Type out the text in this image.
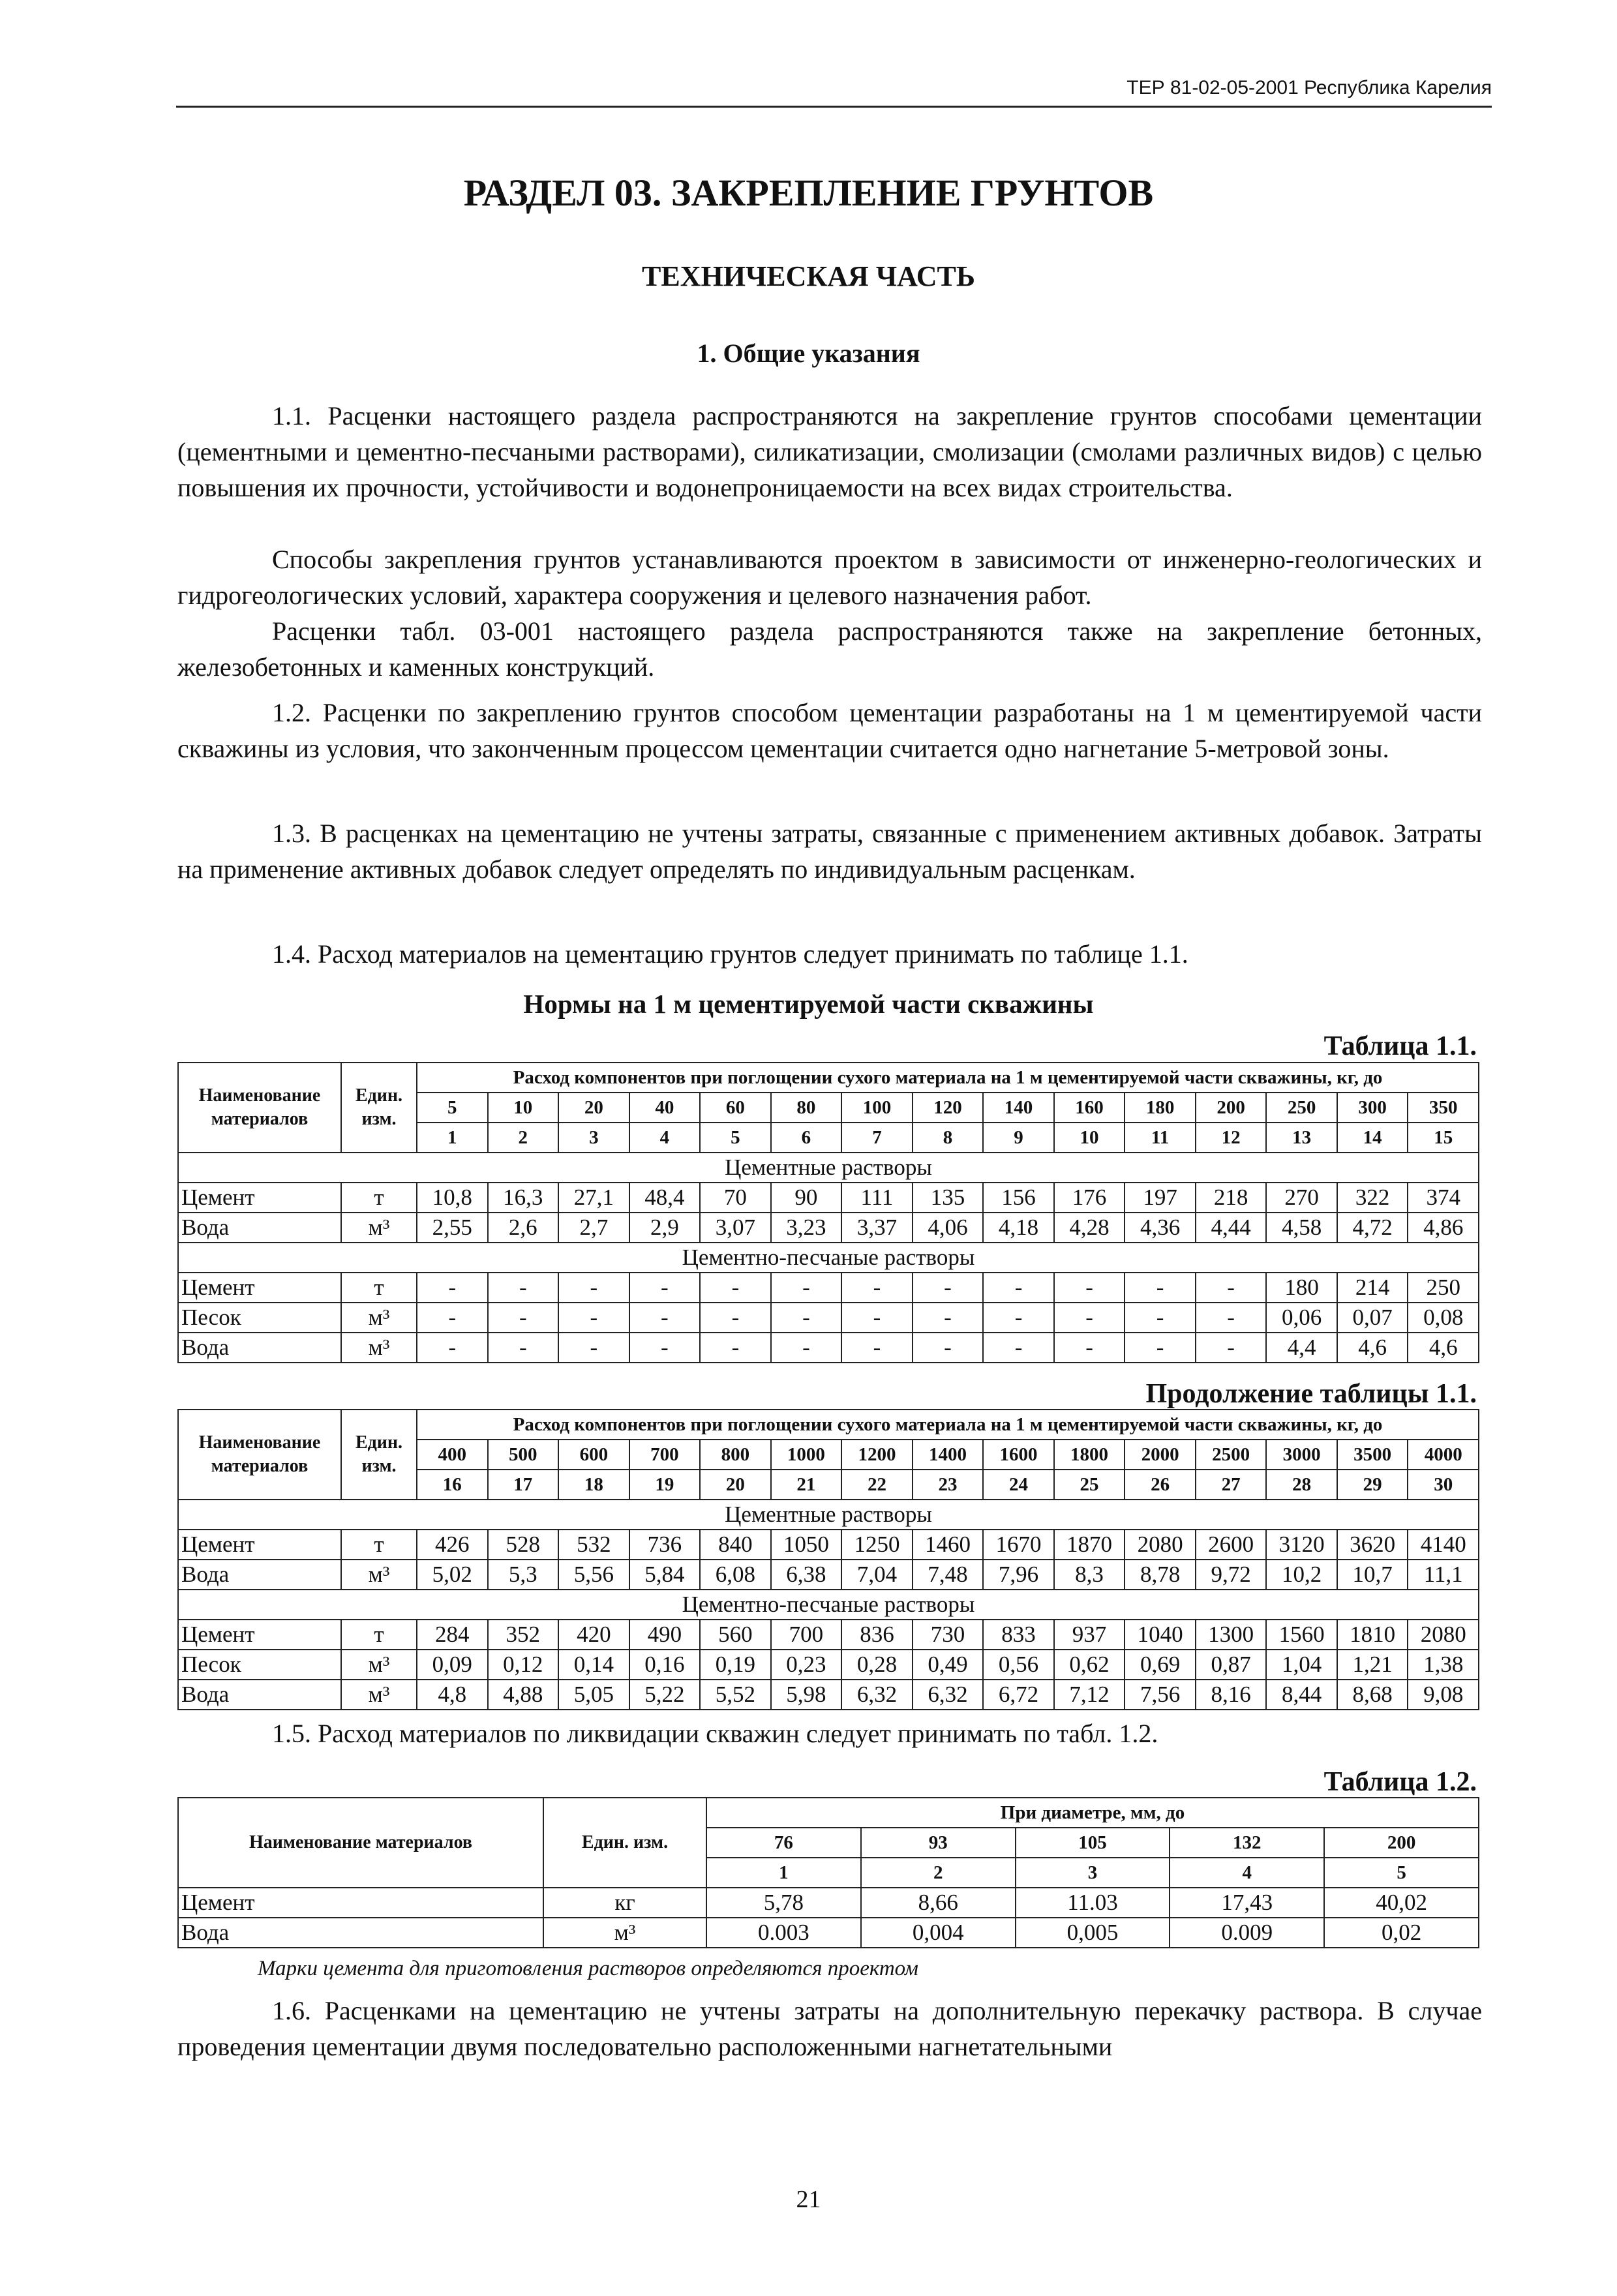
ТЕР 81-02-05-2001 Республика Карелия
РАЗДЕЛ 03. ЗАКРЕПЛЕНИЕ ГРУНТОВ
ТЕХНИЧЕСКАЯ ЧАСТЬ
1. Общие указания

1.1. Расценки настоящего раздела распространяются на закрепление грунтов способами цементации (цементными и цементно-песчаными растворами), силикатизации, смолизации (смолами различных видов) с целью повышения их прочности, устойчивости и водонепроницаемости на всех видах строительства.

Способы закрепления грунтов устанавливаются проектом в зависимости от инженерно-геологических и гидрогеологических условий, характера сооружения и целевого назначения работ.

Расценки табл. 03-001 настоящего раздела распространяются также на закрепление бетонных, железобетонных и каменных конструкций.

1.2. Расценки по закреплению грунтов способом цементации разработаны на 1 м цементируемой части скважины из условия, что законченным процессом цементации считается одно нагнетание 5-метровой зоны.

1.3. В расценках на цементацию не учтены затраты, связанные с применением активных добавок. Затраты на применение активных добавок следует определять по индивидуальным расценкам.

1.4. Расход материалов на цементацию грунтов следует принимать по таблице 1.1.

Нормы на 1 м цементируемой части скважины
Таблица 1.1.
Наименование материалов	Един. изм.	Расход компонентов при поглощении сухого материала на 1 м цементируемой части скважины, кг, до														
		5	10	20	40	60	80	100	120	140	160	180	200	250	300	350
		1	2	3	4	5	6	7	8	9	10	11	12	13	14	15
Цементные растворы																
Цемент	т	10,8	16,3	27,1	48,4	70	90	111	135	156	176	197	218	270	322	374
Вода	м³	2,55	2,6	2,7	2,9	3,07	3,23	3,37	4,06	4,18	4,28	4,36	4,44	4,58	4,72	4,86
Цементно-песчаные растворы																
Цемент	т	-	-	-	-	-	-	-	-	-	-	-	-	180	214	250
Песок	м³	-	-	-	-	-	-	-	-	-	-	-	-	0,06	0,07	0,08
Вода	м³	-	-	-	-	-	-	-	-	-	-	-	-	4,4	4,6	4,6
Продолжение таблицы 1.1.
Наименование материалов	Един. изм.	Расход компонентов при поглощении сухого материала на 1 м цементируемой части скважины, кг, до														
		400	500	600	700	800	1000	1200	1400	1600	1800	2000	2500	3000	3500	4000
		16	17	18	19	20	21	22	23	24	25	26	27	28	29	30
Цементные растворы																
Цемент	т	426	528	532	736	840	1050	1250	1460	1670	1870	2080	2600	3120	3620	4140
Вода	м³	5,02	5,3	5,56	5,84	6,08	6,38	7,04	7,48	7,96	8,3	8,78	9,72	10,2	10,7	11,1
Цементно-песчаные растворы																
Цемент	т	284	352	420	490	560	700	836	730	833	937	1040	1300	1560	1810	2080
Песок	м³	0,09	0,12	0,14	0,16	0,19	0,23	0,28	0,49	0,56	0,62	0,69	0,87	1,04	1,21	1,38
Вода	м³	4,8	4,88	5,05	5,22	5,52	5,98	6,32	6,32	6,72	7,12	7,56	8,16	8,44	8,68	9,08

1.5. Расход материалов по ликвидации скважин следует принимать по табл. 1.2.

Таблица 1.2.
Наименование материалов	Един. изм.	При диаметре, мм, до				
		76	93	105	132	200
		1	2	3	4	5
Цемент	кг	5,78	8,66	11.03	17,43	40,02
Вода	м³	0.003	0,004	0,005	0.009	0,02
Марки цемента для приготовления растворов определяются проектом

1.6. Расценками на цементацию не учтены затраты на дополнительную перекачку раствора. В случае проведения цементации двумя последовательно расположенными нагнетательными

21
